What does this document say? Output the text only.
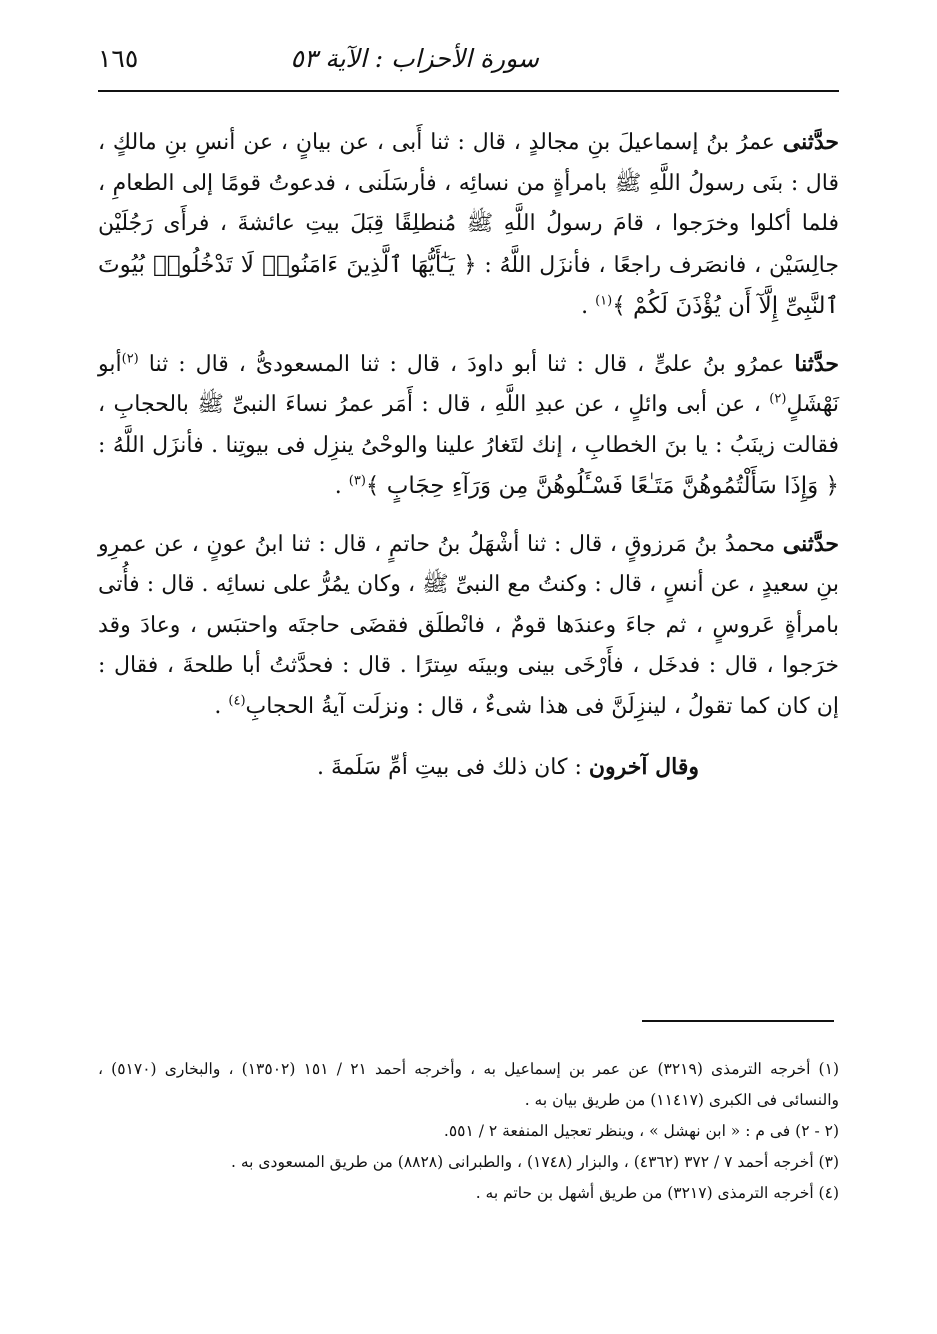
سورة الأحزاب : الآية ٥٣
١٦٥

حدَّثنى عمرُ بنُ إسماعيلَ بنِ مجالدٍ ، قال : ثنا أَبى ، عن بيانٍ ، عن أنسِ بنِ مالكٍ ، قال : بنَى رسولُ اللَّهِ ﷺ بامرأةٍ من نسائِه ، فأرسَلَنى ، فدعوتُ قومًا إلى الطعامِ ، فلما أكلوا وخرَجوا ، قامَ رسولُ اللَّهِ ﷺ مُنطلِقًا قِبَلَ بيتِ عائشةَ ، فرأَى رَجُلَيْن جالِسَيْن ، فانصَرف راجعًا ، فأنزَل اللَّهُ : ﴿ يَـٰٓأَيُّهَا ٱلَّذِينَ ءَامَنُوا۟ لَا تَدْخُلُوا۟ بُيُوتَ ٱلنَّبِىِّ إِلَّآ أَن يُؤْذَنَ لَكُمْ ﴾$^{(١)}$ .

حدَّثنا عمرُو بنُ علىٍّ ، قال : ثنا أبو داودَ ، قال : ثنا المسعودىُّ ، قال : ثنا $^{(٢)}$أبو نَهْشَلٍ$^{(٢)}$ ، عن أبى وائلٍ ، عن عبدِ اللَّهِ ، قال : أَمَر عمرُ نساءَ النبىِّ ﷺ بالحجابِ ، فقالت زينَبُ : يا بنَ الخطابِ ، إنك لتَغارُ علينا والوحْىُ ينزِل فى بيوتِنا . فأنزَل اللَّهُ : ﴿ وَإِذَا سَأَلْتُمُوهُنَّ مَتَـٰعًا فَسْـَٔلُوهُنَّ مِن وَرَآءِ حِجَابٍ ﴾$^{(٣)}$ .

حدَّثنى محمدُ بنُ مَرزوقٍ ، قال : ثنا أشْهَلُ بنُ حاتمٍ ، قال : ثنا ابنُ عونٍ ، عن عمرِو بنِ سعيدٍ ، عن أنسٍ ، قال : وكنتُ مع النبىِّ ﷺ ، وكان يمُرُّ على نسائِه . قال : فأُتى بامرأةٍ عَروسٍ ، ثم جاءَ وعندَها قومٌ ، فانْطلَق فقضَى حاجتَه واحتبَس ، وعادَ وقد خرَجوا ، قال : فدخَل ، فأَرْخَى بينى وبينَه سِترًا . قال : فحدَّثتُ أبا طلحةَ ، فقال : إن كان كما تقولُ ، لينزِلَنَّ فى هذا شىءٌ ، قال : ونزلَت آيةُ الحجابِ$^{(٤)}$ .

وقال آخرون : كان ذلك فى بيتِ أمِّ سَلَمةَ .

(١) أخرجه الترمذى (٣٢١٩) عن عمر بن إسماعيل به ، وأخرجه أحمد ٢١ / ١٥١ (١٣٥٠٢) ، والبخارى (٥١٧٠) ، والنسائى فى الكبرى (١١٤١٧) من طريق بيان به .

(٢ - ٢) فى م : « ابن نهشل » ، وينظر تعجيل المنفعة ٢ / ٥٥١.

(٣) أخرجه أحمد ٧ / ٣٧٢ (٤٣٦٢) ، والبزار (١٧٤٨) ، والطبرانى (٨٨٢٨) من طريق المسعودى به .

(٤) أخرجه الترمذى (٣٢١٧) من طريق أشهل بن حاتم به .
